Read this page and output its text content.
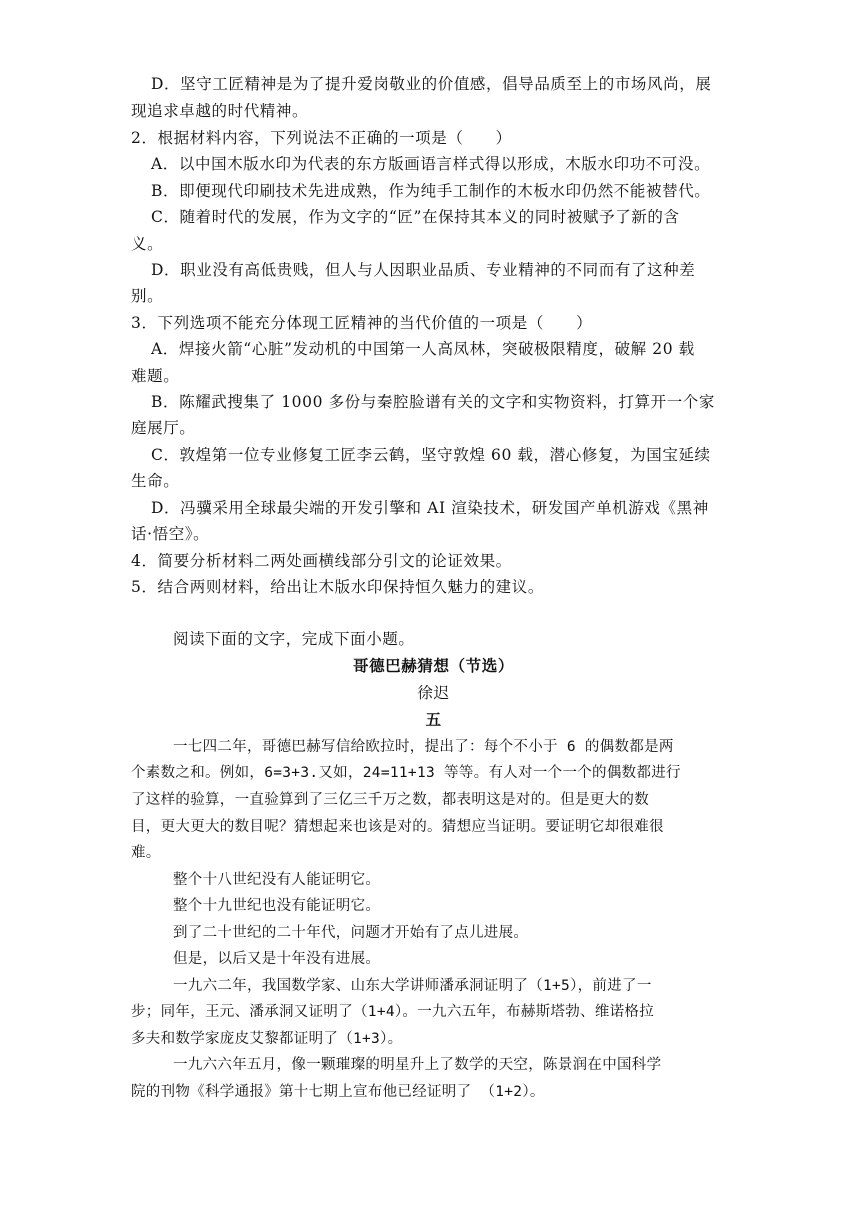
D．坚守工匠精神是为了提升爱岗敬业的价值感，倡导品质至上的市场风尚，展
现追求卓越的时代精神。
2．根据材料内容，下列说法不正确的一项是（　　）
A．以中国木版水印为代表的东方版画语言样式得以形成，木版水印功不可没。
B．即便现代印刷技术先进成熟，作为纯手工制作的木板水印仍然不能被替代。
C．随着时代的发展，作为文字的“匠”在保持其本义的同时被赋予了新的含
义。
D．职业没有高低贵贱，但人与人因职业品质、专业精神的不同而有了这种差
别。
3．下列选项不能充分体现工匠精神的当代价值的一项是（　　）
A．焊接火箭“心脏”发动机的中国第一人高凤林，突破极限精度，破解 20 载
难题。
B．陈耀武搜集了 1000 多份与秦腔脸谱有关的文字和实物资料，打算开一个家
庭展厅。
C．敦煌第一位专业修复工匠李云鹤，坚守敦煌 60 载，潜心修复，为国宝延续
生命。
D．冯骥采用全球最尖端的开发引擎和 AI 渲染技术，研发国产单机游戏《黑神
话·悟空》。
4．简要分析材料二两处画横线部分引文的论证效果。
5．结合两则材料，给出让木版水印保持恒久魅力的建议。
阅读下面的文字，完成下面小题。
哥德巴赫猜想（节选）
徐迟
五
一七四二年，哥德巴赫写信给欧拉时，提出了：每个不小于 6 的偶数都是两
个素数之和。例如，6=3+3.又如，24=11+13 等等。有人对一个一个的偶数都进行
了这样的验算，一直验算到了三亿三千万之数，都表明这是对的。但是更大的数
目，更大更大的数目呢？猜想起来也该是对的。猜想应当证明。要证明它却很难很
难。
整个十八世纪没有人能证明它。
整个十九世纪也没有能证明它。
到了二十世纪的二十年代，问题才开始有了点儿进展。
但是，以后又是十年没有进展。
一九六二年，我国数学家、山东大学讲师潘承洞证明了（1+5），前进了一
步；同年，王元、潘承洞又证明了（1+4）。一九六五年，布赫斯塔勃、维诺格拉
多夫和数学家庞皮艾黎都证明了（1+3）。
一九六六年五月，像一颗璀璨的明星升上了数学的天空，陈景润在中国科学
院的刊物《科学通报》第十七期上宣布他已经证明了 （1+2）。
